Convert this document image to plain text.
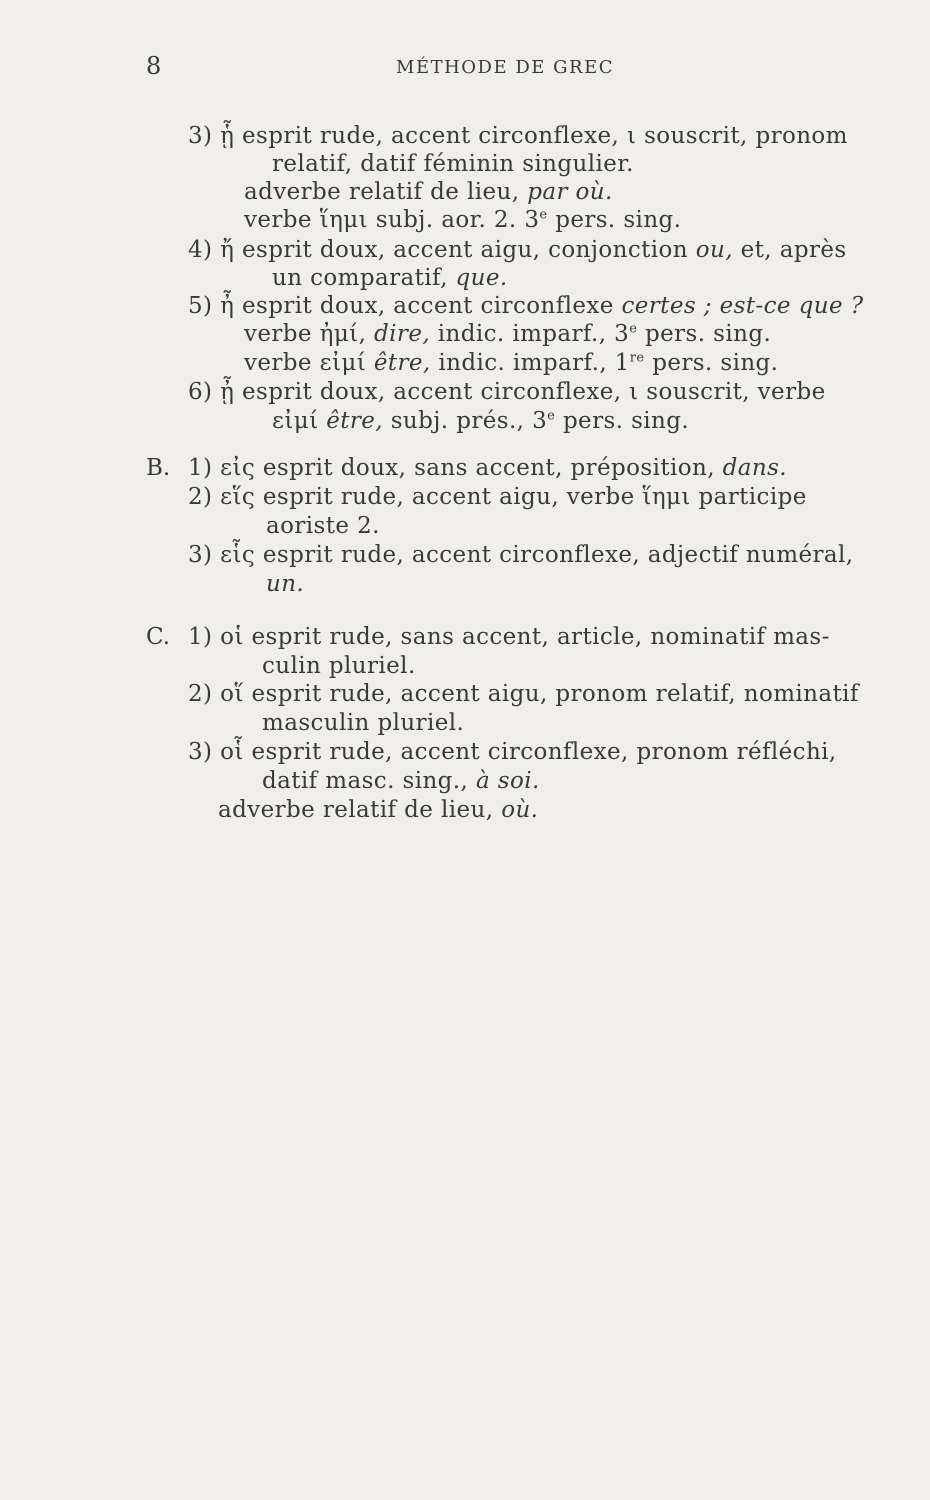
8	MÉTHODE DE GREC
3) ᾗ esprit rude, accent circonflexe, ι souscrit, pronom
relatif, datif féminin singulier.
adverbe relatif de lieu, par où.
verbe ἵημι subj. aor. 2. 3e pers. sing.
4) ἤ esprit doux, accent aigu, conjonction ou, et, après
un comparatif, que.
5) ἦ esprit doux, accent circonflexe certes ; est-ce que ?
verbe ἠμί, dire, indic. imparf., 3e pers. sing.
verbe εἰμί être, indic. imparf., 1re pers. sing.
6) ᾖ esprit doux, accent circonflexe, ι souscrit, verbe
εἰμί être, subj. prés., 3e pers. sing.
B. 1) εἰς esprit doux, sans accent, préposition, dans.
2) εἵς esprit rude, accent aigu, verbe ἵημι participe
aoriste 2.
3) εἷς esprit rude, accent circonflexe, adjectif numéral,
un.
C. 1) οἱ esprit rude, sans accent, article, nominatif mas-
culin pluriel.
2) οἵ esprit rude, accent aigu, pronom relatif, nominatif
masculin pluriel.
3) οἷ esprit rude, accent circonflexe, pronom réfléchi,
datif masc. sing., à soi.
adverbe relatif de lieu, où.
